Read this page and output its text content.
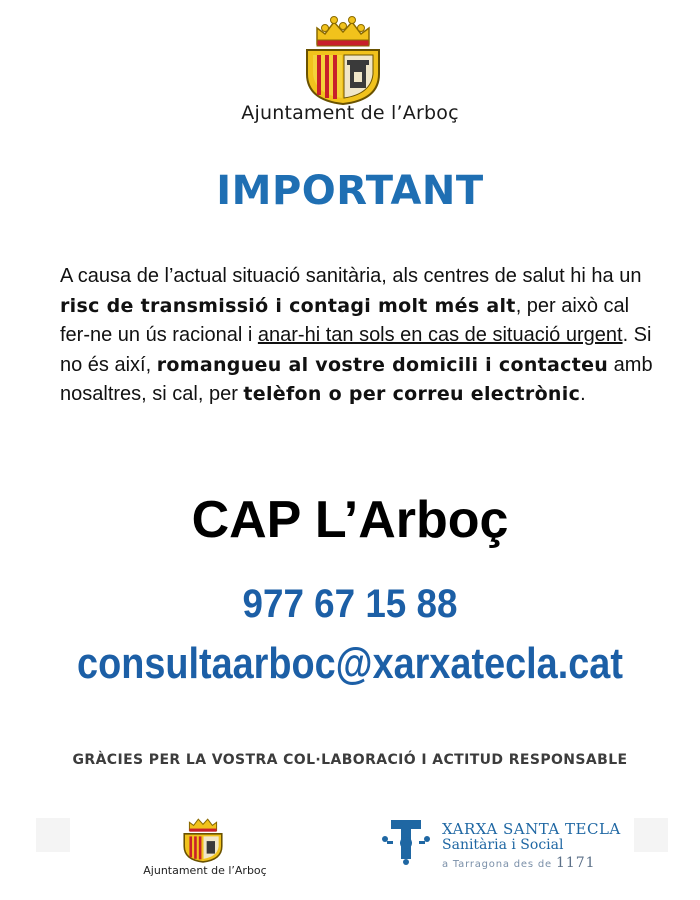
Ajuntament de l’Arboç
IMPORTANT
A causa de l’actual situació sanitària, als centres de salut hi ha un risc de transmissió i contagi molt més alt, per això cal fer-ne un ús racional i anar-hi tan sols en cas de situació urgent. Si no és així, romangueu al vostre domicili i contacteu amb nosaltres, si cal, per telèfon o per correu electrònic.
CAP L’Arboç
977 67 15 88
consultaarboc@xarxatecla.cat
GRÀCIES PER LA VOSTRA COL·LABORACIÓ I ACTITUD RESPONSABLE
Ajuntament de l’Arboç
XARXA SANTA TECLA
Sanitària i Social
a Tarragona des de 1171
